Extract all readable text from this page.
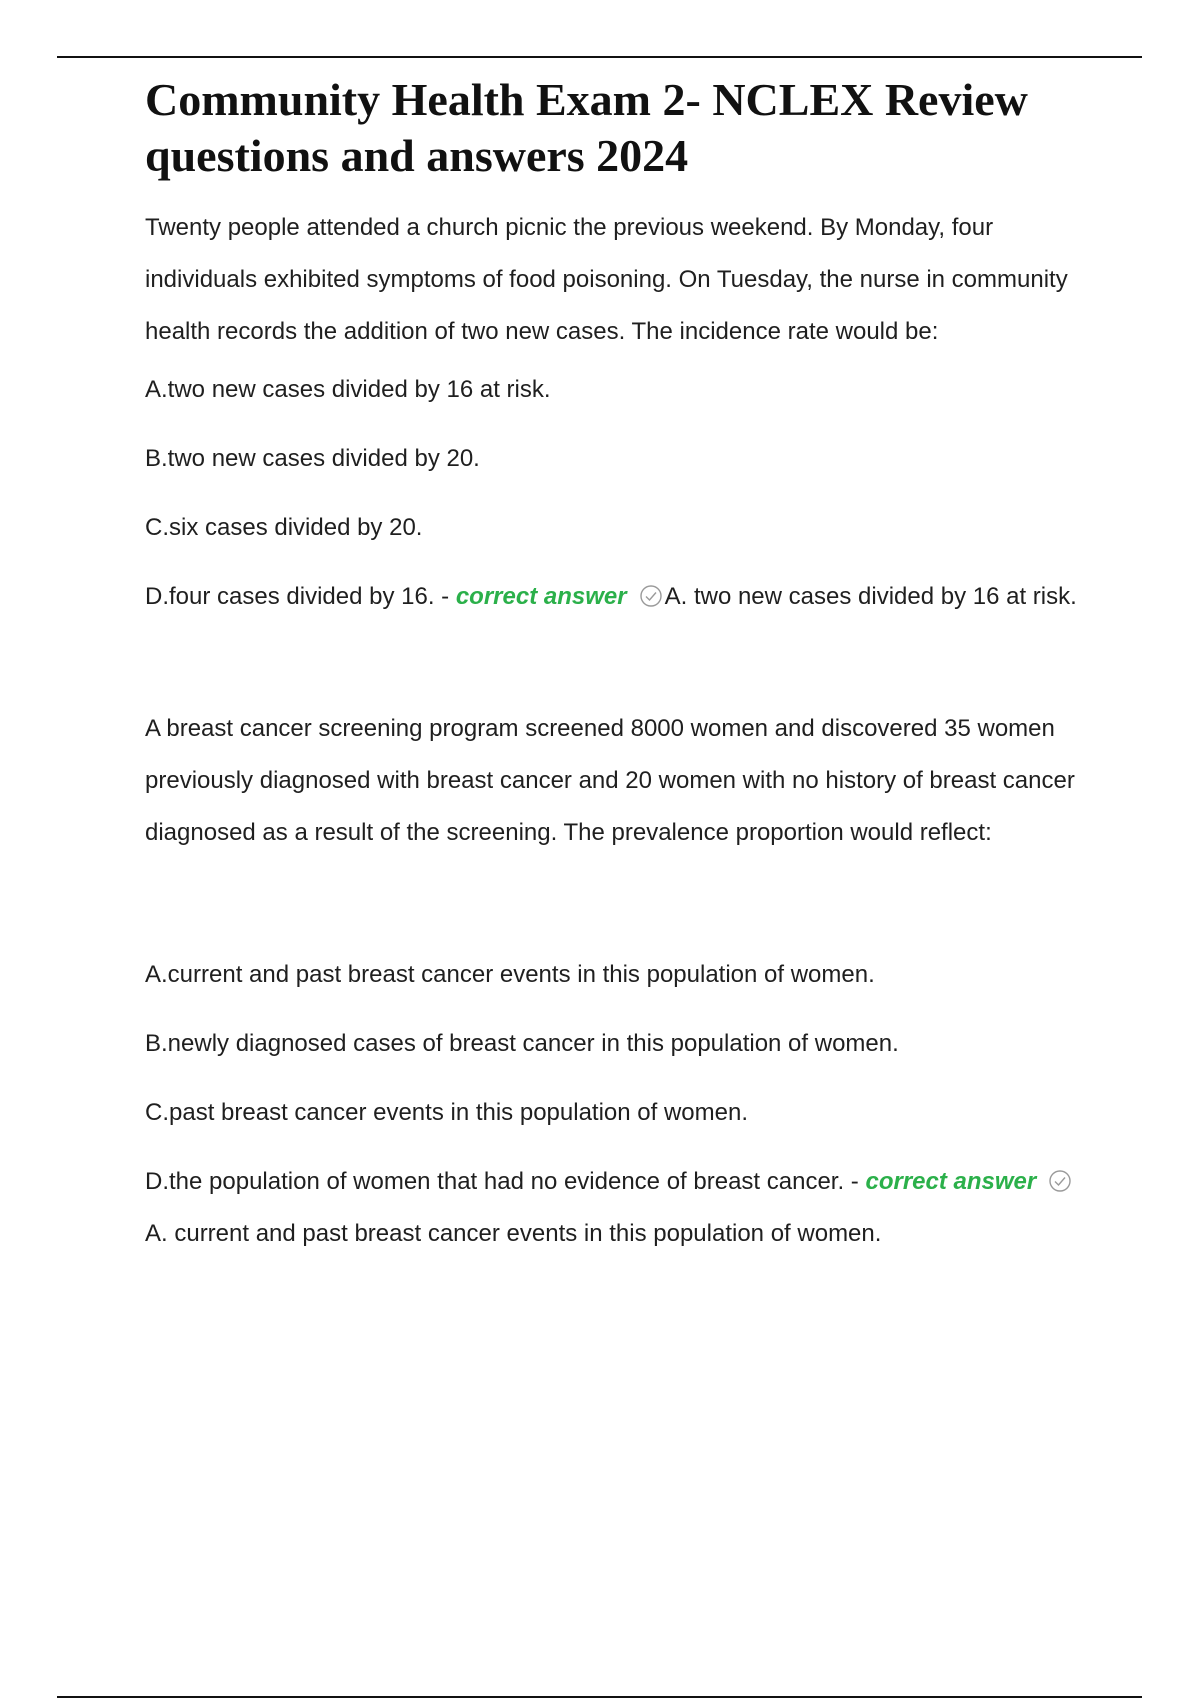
Community Health Exam 2- NCLEX Review questions and answers 2024

Twenty people attended a church picnic the previous weekend. By Monday, four individuals exhibited symptoms of food poisoning. On Tuesday, the nurse in community health records the addition of two new cases. The incidence rate would be:

A.two new cases divided by 16 at risk.

B.two new cases divided by 20.

C.six cases divided by 20.

D.four cases divided by 16. - correct answer A. two new cases divided by 16 at risk.

A breast cancer screening program screened 8000 women and discovered 35 women previously diagnosed with breast cancer and 20 women with no history of breast cancer diagnosed as a result of the screening. The prevalence proportion would reflect:

A.current and past breast cancer events in this population of women.

B.newly diagnosed cases of breast cancer in this population of women.

C.past breast cancer events in this population of women.

D.the population of women that had no evidence of breast cancer. - correct answerA. current and past breast cancer events in this population of women.
